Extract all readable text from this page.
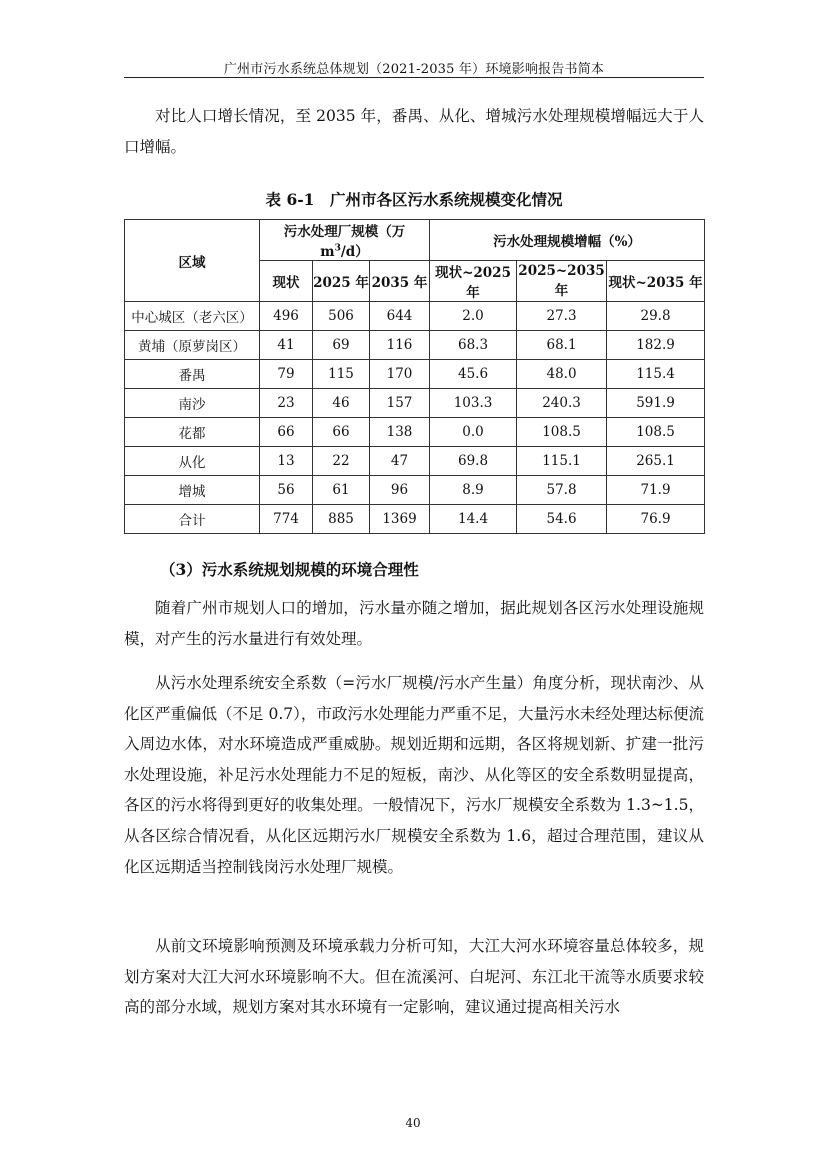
广州市污水系统总体规划（2021-2035 年）环境影响报告书简本

对比人口增长情况，至 2035 年，番禺、从化、增城污水处理规模增幅远大于人口增幅。

表 6-1　广州市各区污水系统规模变化情况
区域	污水处理厂规模（万 $m^3/d$）			污水处理规模增幅（%）		
	现状	2025 年	2035 年	现状~2025 年	2025~2035 年	现状~2035 年
中心城区（老六区）	496	506	644	2.0	27.3	29.8
黄埔（原萝岗区）	41	69	116	68.3	68.1	182.9
番禺	79	115	170	45.6	48.0	115.4
南沙	23	46	157	103.3	240.3	591.9
花都	66	66	138	0.0	108.5	108.5
从化	13	22	47	69.8	115.1	265.1
增城	56	61	96	8.9	57.8	71.9
合计	774	885	1369	14.4	54.6	76.9
（3）污水系统规划规模的环境合理性

随着广州市规划人口的增加，污水量亦随之增加，据此规划各区污水处理设施规模，对产生的污水量进行有效处理。

从污水处理系统安全系数（=污水厂规模/污水产生量）角度分析，现状南沙、从化区严重偏低（不足 0.7），市政污水处理能力严重不足，大量污水未经处理达标便流入周边水体，对水环境造成严重威胁。规划近期和远期，各区将规划新、扩建一批污水处理设施，补足污水处理能力不足的短板，南沙、从化等区的安全系数明显提高，各区的污水将得到更好的收集处理。一般情况下，污水厂规模安全系数为 1.3~1.5，从各区综合情况看，从化区远期污水厂规模安全系数为 1.6，超过合理范围，建议从化区远期适当控制钱岗污水处理厂规模。

从前文环境影响预测及环境承载力分析可知，大江大河水环境容量总体较多，规划方案对大江大河水环境影响不大。但在流溪河、白坭河、东江北干流等水质要求较高的部分水域，规划方案对其水环境有一定影响，建议通过提高相关污水

40
